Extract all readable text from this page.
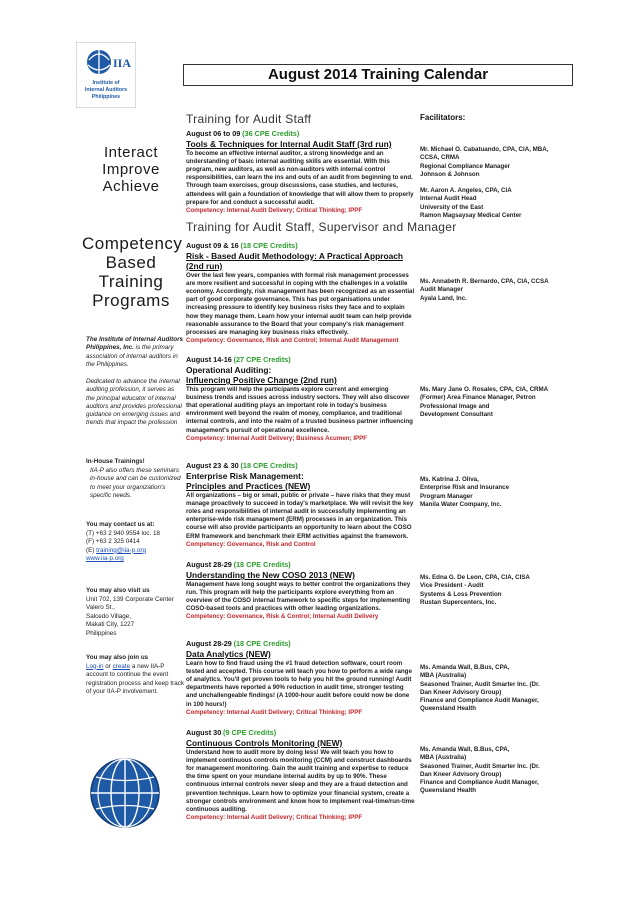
IIA
Institute of
Internal Auditors
Philippines
August 2014 Training Calendar
Interact
Improve
Achieve
Competency
Based
Training
Programs
The Institute of Internal Auditors Philippines, Inc. is the primary association of internal auditors in the Philippines.
Dedicated to advance the internal auditing profession, it serves as the principal educator of internal auditors and provides professional guidance on emerging issues and trends that impact the profession
In-House Trainings!
IIA-P also offers these seminars in-house and can be customized to meet your organization's specific needs.
You may contact us at:
(T) +63 2 940 9554 loc. 18
(F) +63 2 325 0414
(E) training@iia-p.org
www.iia-p.org
You may also visit us
Unit 702, 139 Corporate Center
Valero St.,
Salcedo Village,
Makati City, 1227
Philippines
You may also join us
Log-in or create a new IIA-P account to continue the event registration process and keep track of your IIA-P involvement.
Training for Audit Staff
Training for Audit Staff, Supervisor and Manager
August 06 to 09 (36 CPE Credits)
Tools & Techniques for Internal Audit Staff (3rd run)
To become an effective internal auditor, a strong knowledge and an understanding of basic internal auditing skills are essential. With this program, new auditors, as well as non-auditors with internal control responsibilities, can learn the ins and outs of an audit from beginning to end. Through team exercises, group discussions, case studies, and lectures, attendees will gain a foundation of knowledge that will allow them to properly prepare for and conduct a successful audit.
Competency: Internal Audit Delivery; Critical Thinking; IPPF
August 09 & 16 (18 CPE Credits)
Risk - Based Audit Methodology: A Practical Approach (2nd run)
Over the last few years, companies with formal risk management processes are more resilient and successful in coping with the challenges in a volatile economy. Accordingly, risk management has been recognized as an essential part of good corporate governance. This has put organisations under increasing pressure to identify key business risks they face and to explain how they manage them. Learn how your internal audit team can help provide reasonable assurance to the Board that your company's risk management processes are managing key business risks effectively.
Competency: Governance, Risk and Control; Internal Audit Management
August 14-16 (27 CPE Credits)
Operational Auditing:
Influencing Positive Change (2nd run)
This program will help the participants explore current and emerging business trends and issues across industry sectors. They will also discover that operational auditing plays an important role in today's business environment well beyond the realm of money, compliance, and traditional internal controls, and into the realm of a trusted business partner influencing management's pursuit of operational excellence.
Competency: Internal Audit Delivery; Business Acumen; IPPF
August 23 & 30 (18 CPE Credits)
Enterprise Risk Management:
Principles and Practices (NEW)
All organizations – big or small, public or private – have risks that they must manage proactively to succeed in today's marketplace. We will revisit the key roles and responsibilities of internal audit in successfully implementing an enterprise-wide risk management (ERM) processes in an organization. This course will also provide participants an opportunity to learn about the COSO ERM framework and benchmark their ERM activities against the framework.
Competency: Governance, Risk and Control
August 28-29 (18 CPE Credits)
Understanding the New COSO 2013 (NEW)
Management have long sought ways to better control the organizations they run. This program will help the participants explore everything from an overview of the COSO internal framework to specific steps for implementing COSO-based tools and practices with other leading organizations.
Competency: Governance, Risk & Control; Internal Audit Delivery
August 28-29 (18 CPE Credits)
Data Analytics (NEW)
Learn how to find fraud using the #1 fraud detection software, court room tested and accepted. This course will teach you how to perform a wide range of analytics. You'll get proven tools to help you hit the ground running! Audit departments have reported a 90% reduction in audit time, stronger testing and unchallengeable findings! (A 1000-hour audit before could now be done in 100 hours!)
Competency: Internal Audit Delivery; Critical Thinking; IPPF
August 30 (9 CPE Credits)
Continuous Controls Monitoring (NEW)
Understand how to audit more by doing less! We will teach you how to implement continuous controls monitoring (CCM) and construct dashboards for management monitoring. Gain the audit training and expertise to reduce the time spent on your mundane internal audits by up to 90%. These continuous internal controls never sleep and they are a fraud detection and prevention technique. Learn how to optimize your financial system, create a stronger controls environment and know how to implement real-time/run-time continuous auditing.
Competency: Internal Audit Delivery; Critical Thinking; IPPF
Facilitators:
Mr. Michael O. Cabatuando, CPA, CIA, MBA,
CCSA, CRMA
Regional Compliance Manager
Johnson & Johnson
Mr. Aaron A. Angeles, CPA, CIA
Internal Audit Head
University of the East
Ramon Magsaysay Medical Center
Ms. Annabeth R. Bernardo, CPA, CIA, CCSA
Audit Manager
Ayala Land, Inc.
Ms. Mary Jane O. Rosales, CPA, CIA, CRMA
(Former) Area Finance Manager, Petron
Professional Image and
Development Consultant
Ms. Katrina J. Oliva,
Enterprise Risk and Insurance
Program Manager
Manila Water Company, Inc.
Ms. Edna G. De Leon, CPA, CIA, CISA
Vice President - Audit
Systems & Loss Prevention
Rustan Supercenters, Inc.
Ms. Amanda Wall, B.Bus, CPA,
MBA (Australia)
Seasoned Trainer, Audit Smarter Inc. (Dr.
Dan Kneer Advisory Group)
Finance and Compliance Audit Manager,
Queensland Health
Ms. Amanda Wall, B.Bus, CPA,
MBA (Australia)
Seasoned Trainer, Audit Smarter Inc. (Dr.
Dan Kneer Advisory Group)
Finance and Compliance Audit Manager,
Queensland Health
